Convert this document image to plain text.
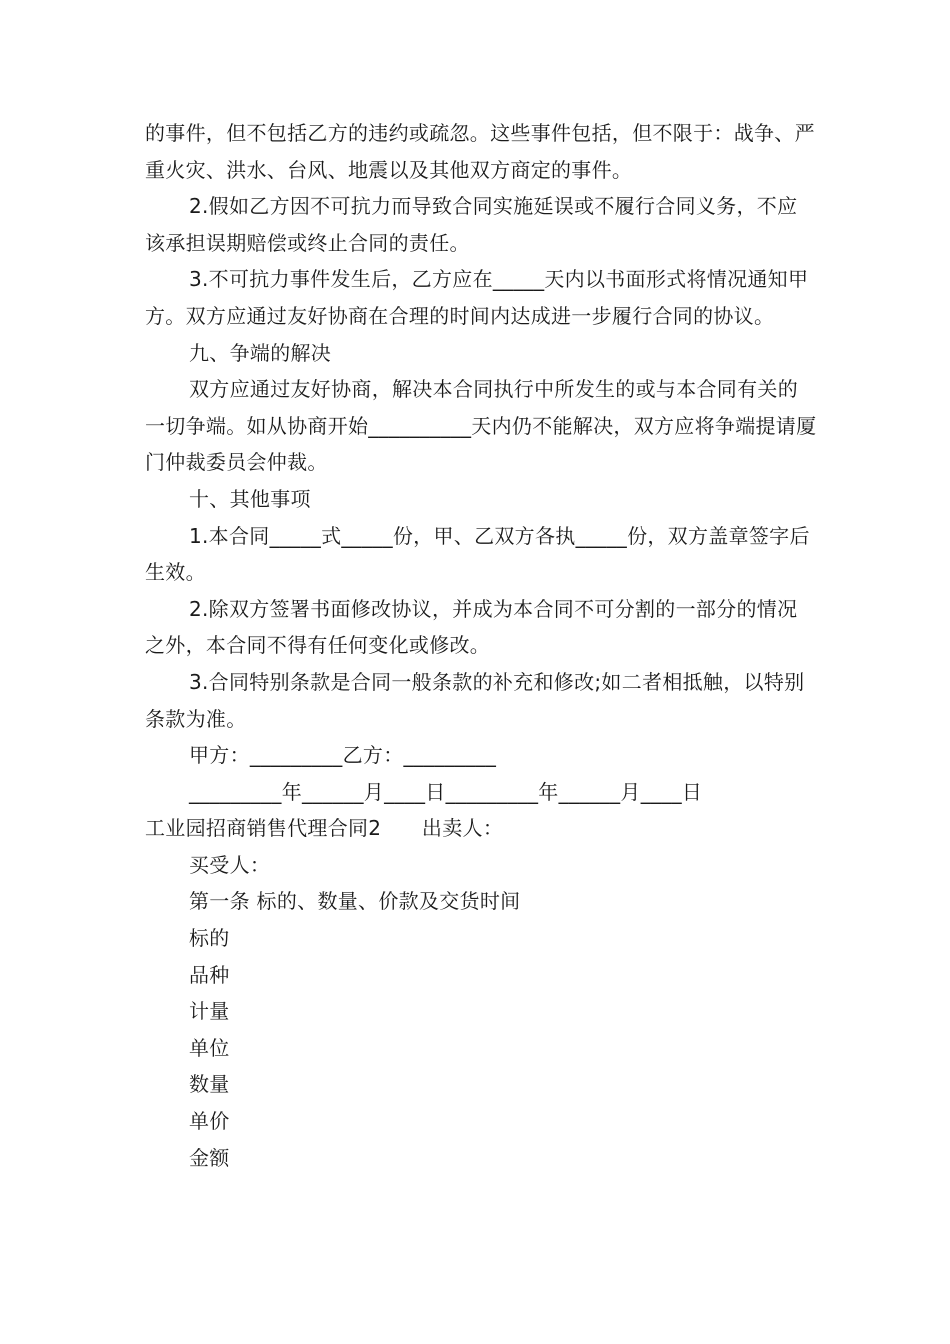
的事件，但不包括乙方的违约或疏忽。这些事件包括，但不限于：战争、严重火灾、洪水、台风、地震以及其他双方商定的事件。

2.假如乙方因不可抗力而导致合同实施延误或不履行合同义务，不应该承担误期赔偿或终止合同的责任。

3.不可抗力事件发生后，乙方应在_____天内以书面形式将情况通知甲方。双方应通过友好协商在合理的时间内达成进一步履行合同的协议。

九、争端的解决

双方应通过友好协商，解决本合同执行中所发生的或与本合同有关的一切争端。如从协商开始__________天内仍不能解决，双方应将争端提请厦门仲裁委员会仲裁。

十、其他事项

1.本合同_____式_____份，甲、乙双方各执_____份，双方盖章签字后生效。

2.除双方签署书面修改协议，并成为本合同不可分割的一部分的情况之外，本合同不得有任何变化或修改。

3.合同特别条款是合同一般条款的补充和修改;如二者相抵触，以特别条款为准。

甲方：_________乙方：_________

_________年______月____日_________年______月____日

工业园招商销售代理合同2　　出卖人：

买受人：

第一条 标的、数量、价款及交货时间

标的

品种

计量

单位

数量

单价

金额
